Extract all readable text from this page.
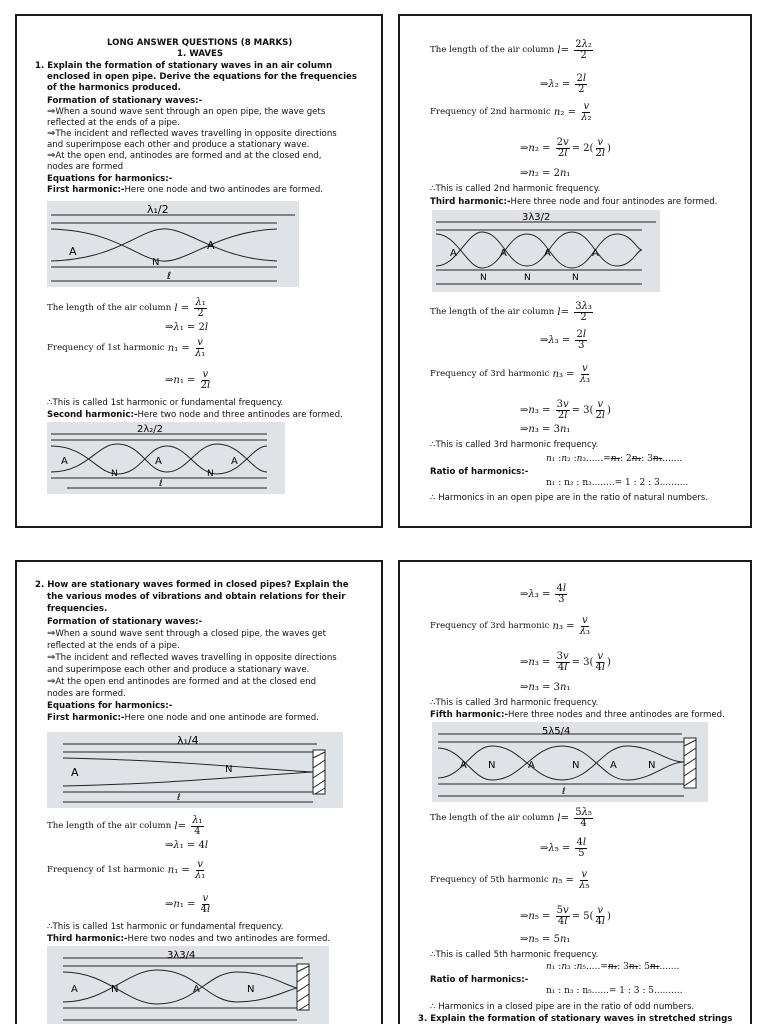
LONG ANSWER QUESTIONS (8 MARKS)
1. WAVES
1. Explain the formation of stationary waves in an air column
enclosed in open pipe. Derive the equations for the frequencies
of the harmonics produced.
Formation of stationary waves:-
⇒When a sound wave sent through an open pipe, the wave gets
reflected at the ends of a pipe.
⇒The incident and reflected waves travelling in opposite directions
and superimpose each other and produce a stationary wave.
⇒At the open end, antinodes are formed and at the closed end,
nodes are formed
Equations for harmonics:-
First harmonic:-Here one node and two antinodes are formed.
λ₁/2
A	A
N
ℓ
The length of the air column
$l = \frac{\text{λ₁}}{2}$
⇒ λ ₁ = 2 l
Frequency of 1st harmonic
n $_1 = \frac{v}{\text{λ₁}}$
⇒ n $_1 = \frac{v}{2l}$
∴This is called 1st harmonic or fundamental frequency.
Second harmonic:-Here two node and three antinodes are formed.
2λ₂/2
A	A	A
N	N
ℓ
The length of the air column
$l = \frac{\text{2λ₂}}{2}$
⇒ λ $_2 = \frac{2l}{2}$
Frequency of 2nd harmonic
n $_2 = \frac{v}{\text{λ₂}}$
⇒ n $_2 = \frac{2v}{2l} = 2( \frac{v}{2l}$ )
⇒ n ₂ = 2 n ₁
∴This is called 2nd harmonic frequency.
Third harmonic:-Here three node and four antinodes are formed.
3λ3/2
A	A	A	A
N	N	N
The length of the air column
$l = \frac{\text{3λ₃}}{2}$
⇒ λ $_3 = \frac{2l}{3}$
Frequency of 3rd harmonic
n $_3 = \frac{v}{\text{λ₃}}$
⇒ n $_3 = \frac{3v}{2l} = 3( \frac{v}{2l}$ )
⇒ n ₃ = 3 n ₁
∴This is called 3rd harmonic frequency.
Ratio of harmonics:-
n ₁ : n ₂ : n ₃......= n₁ : 2 n₁ : 3 n₁ .......
n₁ : n₂ : n₃........= 1 : 2 : 3..........
∴ Harmonics in an open pipe are in the ratio of natural numbers.
2. How are stationary waves formed in closed pipes? Explain the
the various modes of vibrations and obtain relations for their
frequencies.
Formation of stationary waves:-
⇒When a sound wave sent through a closed pipe, the waves get
reflected at the ends of a pipe.
⇒The incident and reflected waves travelling in opposite directions
and superimpose each other and produce a stationary wave.
⇒At the open end antinodes are formed and at the closed end
nodes are formed.
Equations for harmonics:-
First harmonic:-Here one node and one antinode are formed.
λ₁/4
A	N
ℓ
The length of the air column
$l = \frac{\text{λ₁}}{4}$
⇒ λ ₁ = 4 l
Frequency of 1st harmonic
n $_1 = \frac{v}{\text{λ₁}}$
⇒ n $_1 = \frac{v}{4l}$
∴This is called 1st harmonic or fundamental frequency.
Third harmonic:-Here two nodes and two antinodes are formed.
3λ3/4
A	N	A	N
⇒ λ $_3 = \frac{4l}{3}$
Frequency of 3rd harmonic
n $_3 = \frac{v}{\text{λ₃}}$
⇒ n $_3 = \frac{3v}{4l} = 3( \frac{v}{4l}$ )
⇒ n ₃ = 3 n ₁
∴This is called 3rd harmonic frequency.
Fifth harmonic:-Here three nodes and three antinodes are formed.
5λ5/4
A N	A	N	A	N
ℓ
The length of the air column
$l = \frac{\text{5λ₅}}{4}$
⇒ λ $_5 = \frac{4l}{5}$
Frequency of 5th harmonic
n $_5 = \frac{v}{\text{λ₅}}$
⇒ n $_5 = \frac{5v}{4l} = 5( \frac{v}{4l}$ )
⇒ n ₅ = 5 n ₁
∴This is called 5th harmonic frequency.
n ₁ : n ₃ : n ₅.....= n₁ : 3 n₁ : 5 n₁ .......
Ratio of harmonics:-
n₁ : n₃ : n₅......= 1 : 3 : 5..........
∴ Harmonics in a closed pipe are in the ratio of odd numbers.
3. Explain the formation of stationary waves in stretched strings
